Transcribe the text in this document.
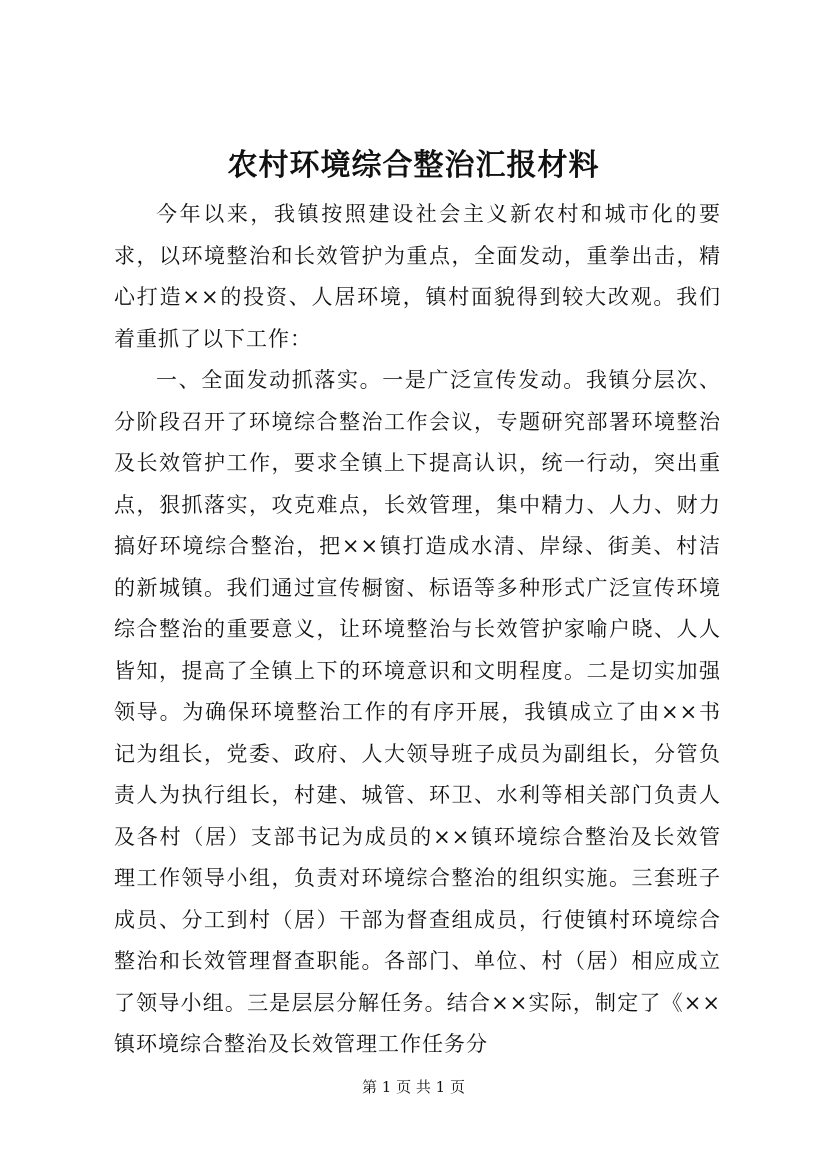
农村环境综合整治汇报材料

今年以来，我镇按照建设社会主义新农村和城市化的要求，以环境整治和长效管护为重点，全面发动，重拳出击，精心打造××的投资、人居环境，镇村面貌得到较大改观。我们着重抓了以下工作：

一、全面发动抓落实。一是广泛宣传发动。我镇分层次、分阶段召开了环境综合整治工作会议，专题研究部署环境整治及长效管护工作，要求全镇上下提高认识，统一行动，突出重点，狠抓落实，攻克难点，长效管理，集中精力、人力、财力搞好环境综合整治，把××镇打造成水清、岸绿、街美、村洁的新城镇。我们通过宣传橱窗、标语等多种形式广泛宣传环境综合整治的重要意义，让环境整治与长效管护家喻户晓、人人皆知，提高了全镇上下的环境意识和文明程度。二是切实加强领导。为确保环境整治工作的有序开展，我镇成立了由××书记为组长，党委、政府、人大领导班子成员为副组长，分管负责人为执行组长，村建、城管、环卫、水利等相关部门负责人及各村（居）支部书记为成员的××镇环境综合整治及长效管理工作领导小组，负责对环境综合整治的组织实施。三套班子成员、分工到村（居）干部为督查组成员，行使镇村环境综合整治和长效管理督查职能。各部门、单位、村（居）相应成立了领导小组。三是层层分解任务。结合××实际，制定了《××镇环境综合整治及长效管理工作任务分

第 1 页 共 1 页
